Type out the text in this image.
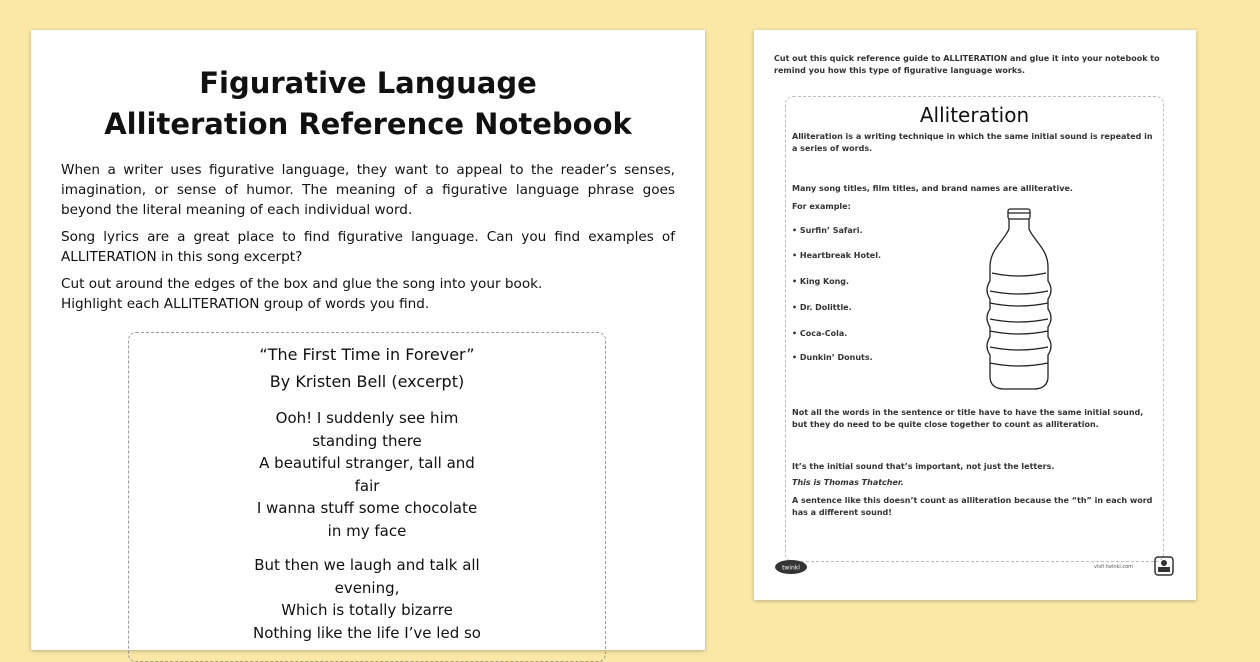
Figurative Language
Alliteration Reference Notebook

When a writer uses figurative language, they want to appeal to the reader’s senses, imagination, or sense of humor. The meaning of a figurative language phrase goes beyond the literal meaning of each individual word.

Song lyrics are a great place to find figurative language. Can you find examples of ALLITERATION in this song excerpt?

Cut out around the edges of the box and glue the song into your book. Highlight each ALLITERATION group of words you find.

“The First Time in Forever”
By Kristen Bell (excerpt)
Ooh! I suddenly see him
standing there
A beautiful stranger, tall and
fair
I wanna stuff some chocolate
in my face
But then we laugh and talk all
evening,
Which is totally bizarre
Nothing like the life I’ve led so
Cut out this quick reference guide to ALLITERATION and glue it into your notebook to remind you how this type of figurative language works.
Alliteration
Alliteration is a writing technique in which the same initial sound is repeated in a series of words.
Many song titles, film titles, and brand names are alliterative.
For example:
• Surfin’ Safari.
• Heartbreak Hotel.
• King Kong.
• Dr. Dolittle.
• Coca-Cola.
• Dunkin’ Donuts.
Not all the words in the sentence or title have to have the same initial sound, but they do need to be quite close together to count as alliteration.
It’s the initial sound that’s important, not just the letters.
This is Thomas Thatcher.
A sentence like this doesn’t count as alliteration because the “th” in each word has a different sound!
twinkl	visit twinkl.com
